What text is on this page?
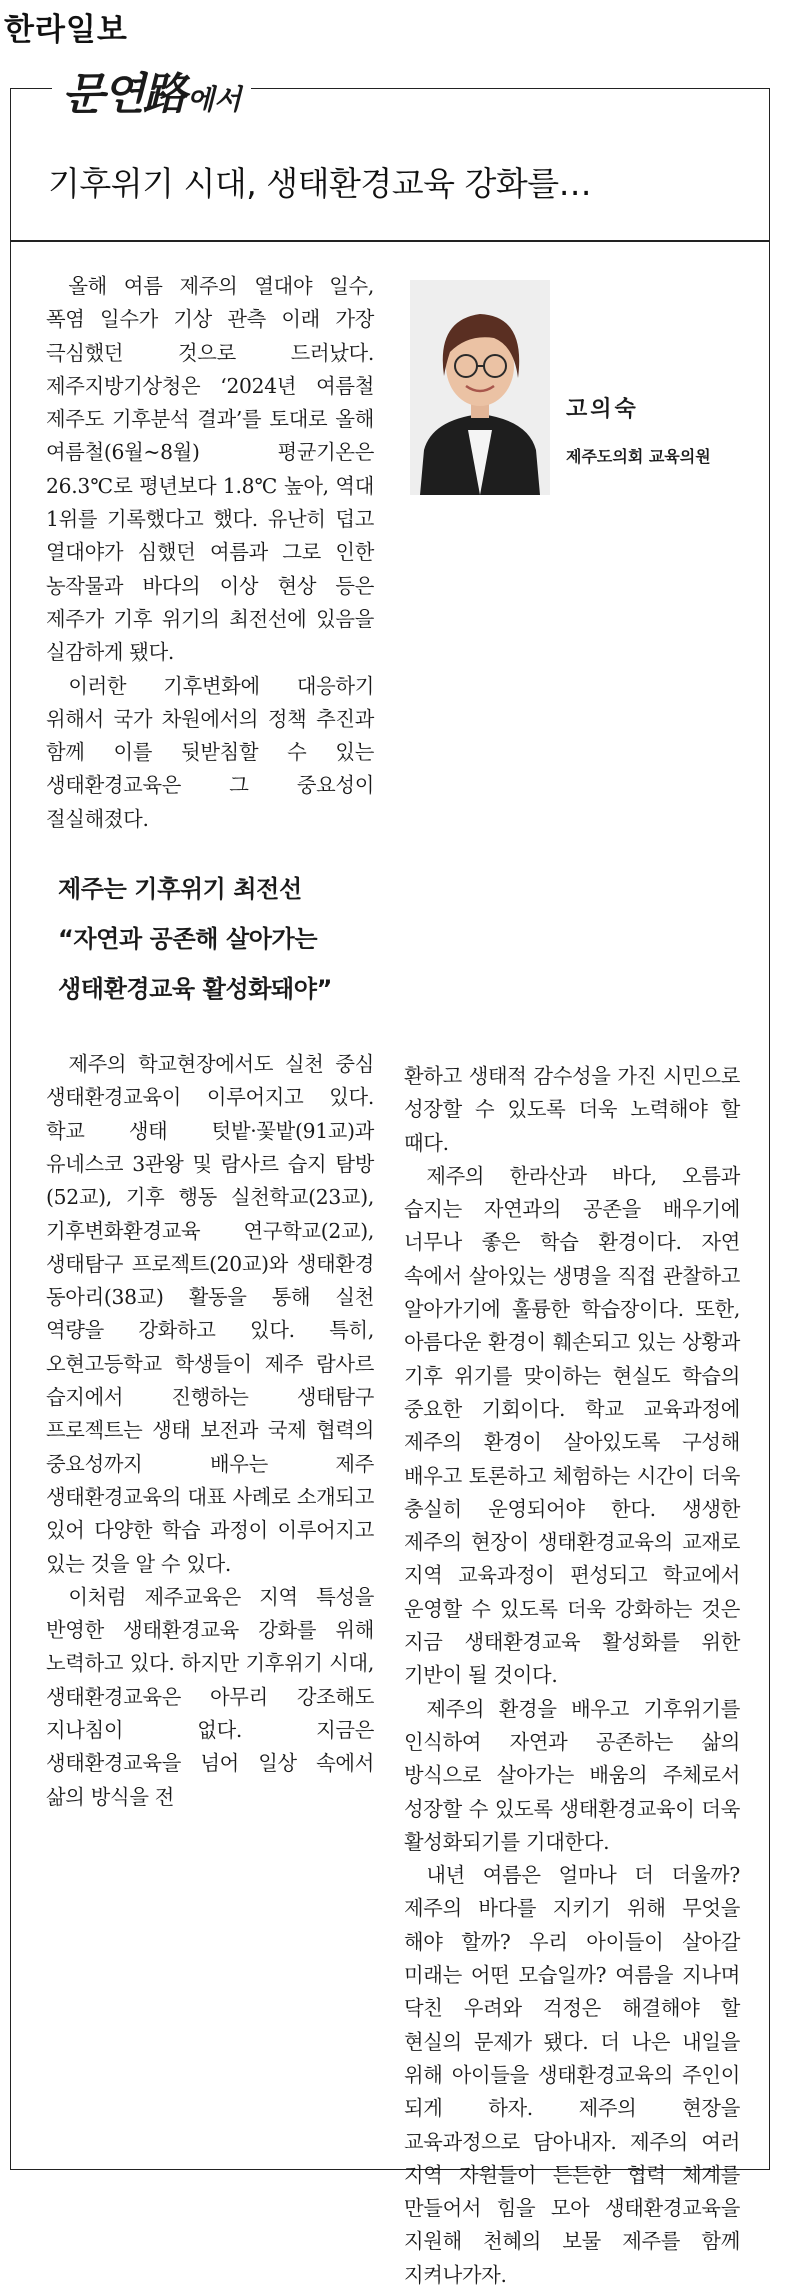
한라일보
문연路에서
기후위기 시대, 생태환경교육 강화를…
고의숙
제주도의회 교육의원

올해 여름 제주의 열대야 일수, 폭염 일수가 기상 관측 이래 가장 극심했던 것으로 드러났다. 제주지방기상청은 ‘2024년 여름철 제주도 기후분석 결과’를 토대로 올해 여름철(6월~8월) 평균기온은 26.3℃로 평년보다 1.8℃ 높아, 역대 1위를 기록했다고 했다. 유난히 덥고 열대야가 심했던 여름과 그로 인한 농작물과 바다의 이상 현상 등은 제주가 기후 위기의 최전선에 있음을 실감하게 됐다.

이러한 기후변화에 대응하기 위해서 국가 차원에서의 정책 추진과 함께 이를 뒷받침할 수 있는 생태환경교육은 그 중요성이 절실해졌다.

제주는 기후위기 최전선
“자연과 공존해 살아가는
생태환경교육 활성화돼야”

제주의 학교현장에서도 실천 중심 생태환경교육이 이루어지고 있다. 학교 생태 텃밭·꽃밭(91교)과 유네스코 3관왕 및 람사르 습지 탐방(52교), 기후 행동 실천학교(23교), 기후변화환경교육 연구학교(2교), 생태탐구 프로젝트(20교)와 생태환경 동아리(38교) 활동을 통해 실천 역량을 강화하고 있다. 특히, 오현고등학교 학생들이 제주 람사르 습지에서 진행하는 생태탐구 프로젝트는 생태 보전과 국제 협력의 중요성까지 배우는 제주 생태환경교육의 대표 사례로 소개되고 있어 다양한 학습 과정이 이루어지고 있는 것을 알 수 있다.

이처럼 제주교육은 지역 특성을 반영한 생태환경교육 강화를 위해 노력하고 있다. 하지만 기후위기 시대, 생태환경교육은 아무리 강조해도 지나침이 없다. 지금은 생태환경교육을 넘어 일상 속에서 삶의 방식을 전

환하고 생태적 감수성을 가진 시민으로 성장할 수 있도록 더욱 노력해야 할 때다.

제주의 한라산과 바다, 오름과 습지는 자연과의 공존을 배우기에 너무나 좋은 학습 환경이다. 자연 속에서 살아있는 생명을 직접 관찰하고 알아가기에 훌륭한 학습장이다. 또한, 아름다운 환경이 훼손되고 있는 상황과 기후 위기를 맞이하는 현실도 학습의 중요한 기회이다. 학교 교육과정에 제주의 환경이 살아있도록 구성해 배우고 토론하고 체험하는 시간이 더욱 충실히 운영되어야 한다. 생생한 제주의 현장이 생태환경교육의 교재로 지역 교육과정이 편성되고 학교에서 운영할 수 있도록 더욱 강화하는 것은 지금 생태환경교육 활성화를 위한 기반이 될 것이다.

제주의 환경을 배우고 기후위기를 인식하여 자연과 공존하는 삶의 방식으로 살아가는 배움의 주체로서 성장할 수 있도록 생태환경교육이 더욱 활성화되기를 기대한다.

내년 여름은 얼마나 더 더울까? 제주의 바다를 지키기 위해 무엇을 해야 할까? 우리 아이들이 살아갈 미래는 어떤 모습일까? 여름을 지나며 닥친 우려와 걱정은 해결해야 할 현실의 문제가 됐다. 더 나은 내일을 위해 아이들을 생태환경교육의 주인이 되게 하자. 제주의 현장을 교육과정으로 담아내자. 제주의 여러 지역 자원들이 든든한 협력 체계를 만들어서 힘을 모아 생태환경교육을 지원해 천혜의 보물 제주를 함께 지켜나가자.
